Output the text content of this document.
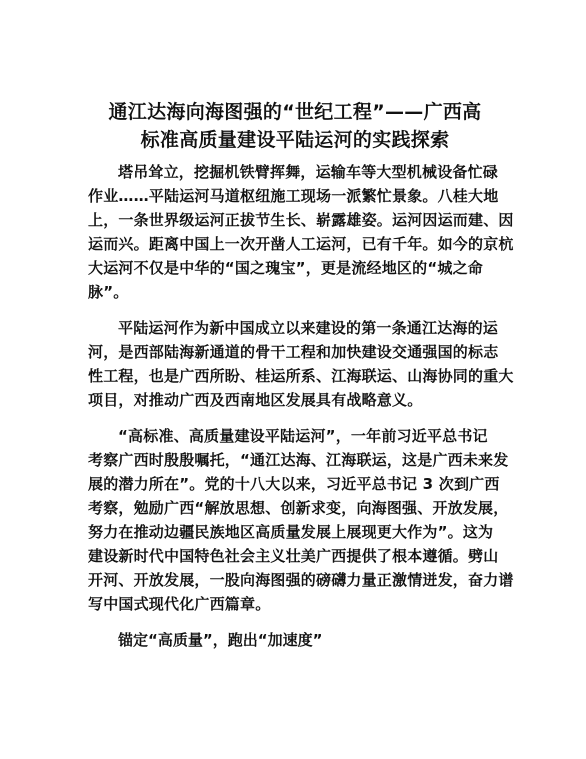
通江达海向海图强的“世纪工程”——广西高
标准高质量建设平陆运河的实践探索

塔吊耸立，挖掘机铁臂挥舞，运输车等大型机械设备忙碌
作业……平陆运河马道枢纽施工现场一派繁忙景象。八桂大地
上，一条世界级运河正拔节生长、崭露雄姿。运河因运而建、因
运而兴。距离中国上一次开凿人工运河，已有千年。如今的京杭
大运河不仅是中华的“国之瑰宝”，更是流经地区的“城之命
脉”。

平陆运河作为新中国成立以来建设的第一条通江达海的运
河，是西部陆海新通道的骨干工程和加快建设交通强国的标志
性工程，也是广西所盼、桂运所系、江海联运、山海协同的重大
项目，对推动广西及西南地区发展具有战略意义。

“高标准、高质量建设平陆运河”，一年前习近平总书记
考察广西时殷殷嘱托，“通江达海、江海联运，这是广西未来发
展的潜力所在”。党的十八大以来，习近平总书记 3 次到广西
考察，勉励广西“解放思想、创新求变，向海图强、开放发展，
努力在推动边疆民族地区高质量发展上展现更大作为”。这为
建设新时代中国特色社会主义壮美广西提供了根本遵循。劈山
开河、开放发展，一股向海图强的磅礴力量正激情迸发，奋力谱
写中国式现代化广西篇章。

锚定“高质量”，跑出“加速度”
